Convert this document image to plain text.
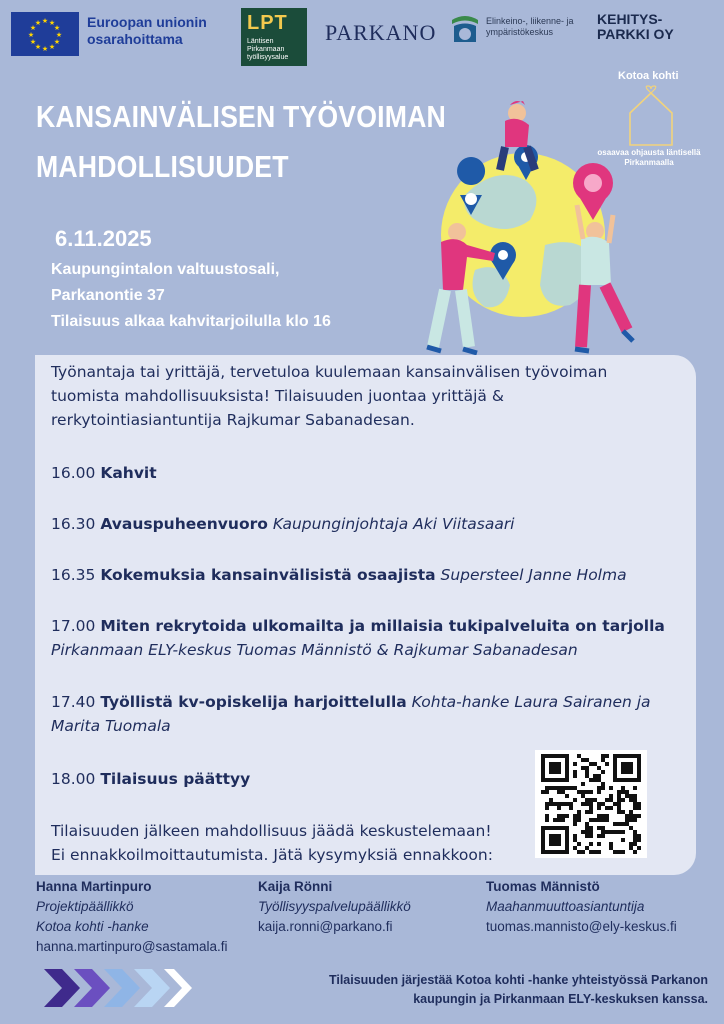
★ ★
★
★
★
★
★
★
★
★
★
★	Euroopan unionin
osarahoittama
LPT
Läntisen
Pirkanmaan
työllisyysalue
PARKANO	Elinkeino-, liikenne- ja
ympäristökeskus
KEHITYS-
PARKKI OY
Kotoa kohti
osaavaa ohjausta läntisellä
Pirkanmaalla
KANSAINVÄLISEN TYÖVOIMAN
MAHDOLLISUUDET
6.11.2025
Kaupungintalon valtuustosali,
Parkanontie 37
Tilaisuus alkaa kahvitarjoilulla klo 16
Työnantaja tai yrittäjä, tervetuloa kuulemaan kansainvälisen työvoiman tuomista mahdollisuuksista! Tilaisuuden juontaa yrittäjä & rerkytointiasiantuntija Rajkumar Sabanadesan.
16.00 Kahvit
16.30 Avauspuheenvuoro Kaupunginjohtaja Aki Viitasaari
16.35 Kokemuksia kansainvälisistä osaajista Supersteel Janne Holma
17.00 Miten rekrytoida ulkomailta ja millaisia tukipalveluita on tarjolla
Pirkanmaan ELY-keskus Tuomas Männistö & Rajkumar Sabanadesan
17.40 Työllistä kv-opiskelija harjoittelulla Kohta-hanke Laura Sairanen ja
Marita Tuomala
18.00 Tilaisuus päättyy
Tilaisuuden jälkeen mahdollisuus jäädä keskustelemaan!
Ei ennakkoilmoittautumista. Jätä kysymyksiä ennakkoon:
Hanna Martinpuro
Projektipäällikkö
Kotoa kohti -hanke
hanna.martinpuro@sastamala.fi
Kaija Rönni
Työllisyyspalvelupäällikkö
kaija.ronni@parkano.fi
Tuomas Männistö
Maahanmuuttoasiantuntija
tuomas.mannisto@ely-keskus.fi
Tilaisuuden järjestää Kotoa kohti -hanke yhteistyössä Parkanon
kaupungin ja Pirkanmaan ELY-keskuksen kanssa.
